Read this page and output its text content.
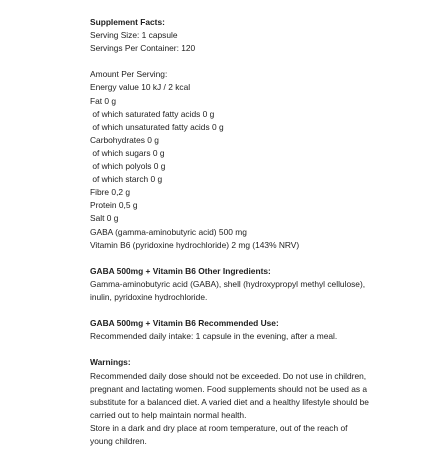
Supplement Facts:
Serving Size: 1 capsule
Servings Per Container: 120
Amount Per Serving:
Energy value 10 kJ / 2 kcal
Fat 0 g
of which saturated fatty acids 0 g
of which unsaturated fatty acids 0 g
Carbohydrates 0 g
of which sugars 0 g
of which polyols 0 g
of which starch 0 g
Fibre 0,2 g
Protein 0,5 g
Salt 0 g
GABA (gamma-aminobutyric acid) 500 mg
Vitamin B6 (pyridoxine hydrochloride) 2 mg (143% NRV)
GABA 500mg + Vitamin B6 Other Ingredients:
Gamma-aminobutyric acid (GABA), shell (hydroxypropyl methyl cellulose),
inulin, pyridoxine hydrochloride.
GABA 500mg + Vitamin B6 Recommended Use:
Recommended daily intake: 1 capsule in the evening, after a meal.
Warnings:
Recommended daily dose should not be exceeded. Do not use in children,
pregnant and lactating women. Food supplements should not be used as a
substitute for a balanced diet. A varied diet and a healthy lifestyle should be
carried out to help maintain normal health.
Store in a dark and dry place at room temperature, out of the reach of
young children.
